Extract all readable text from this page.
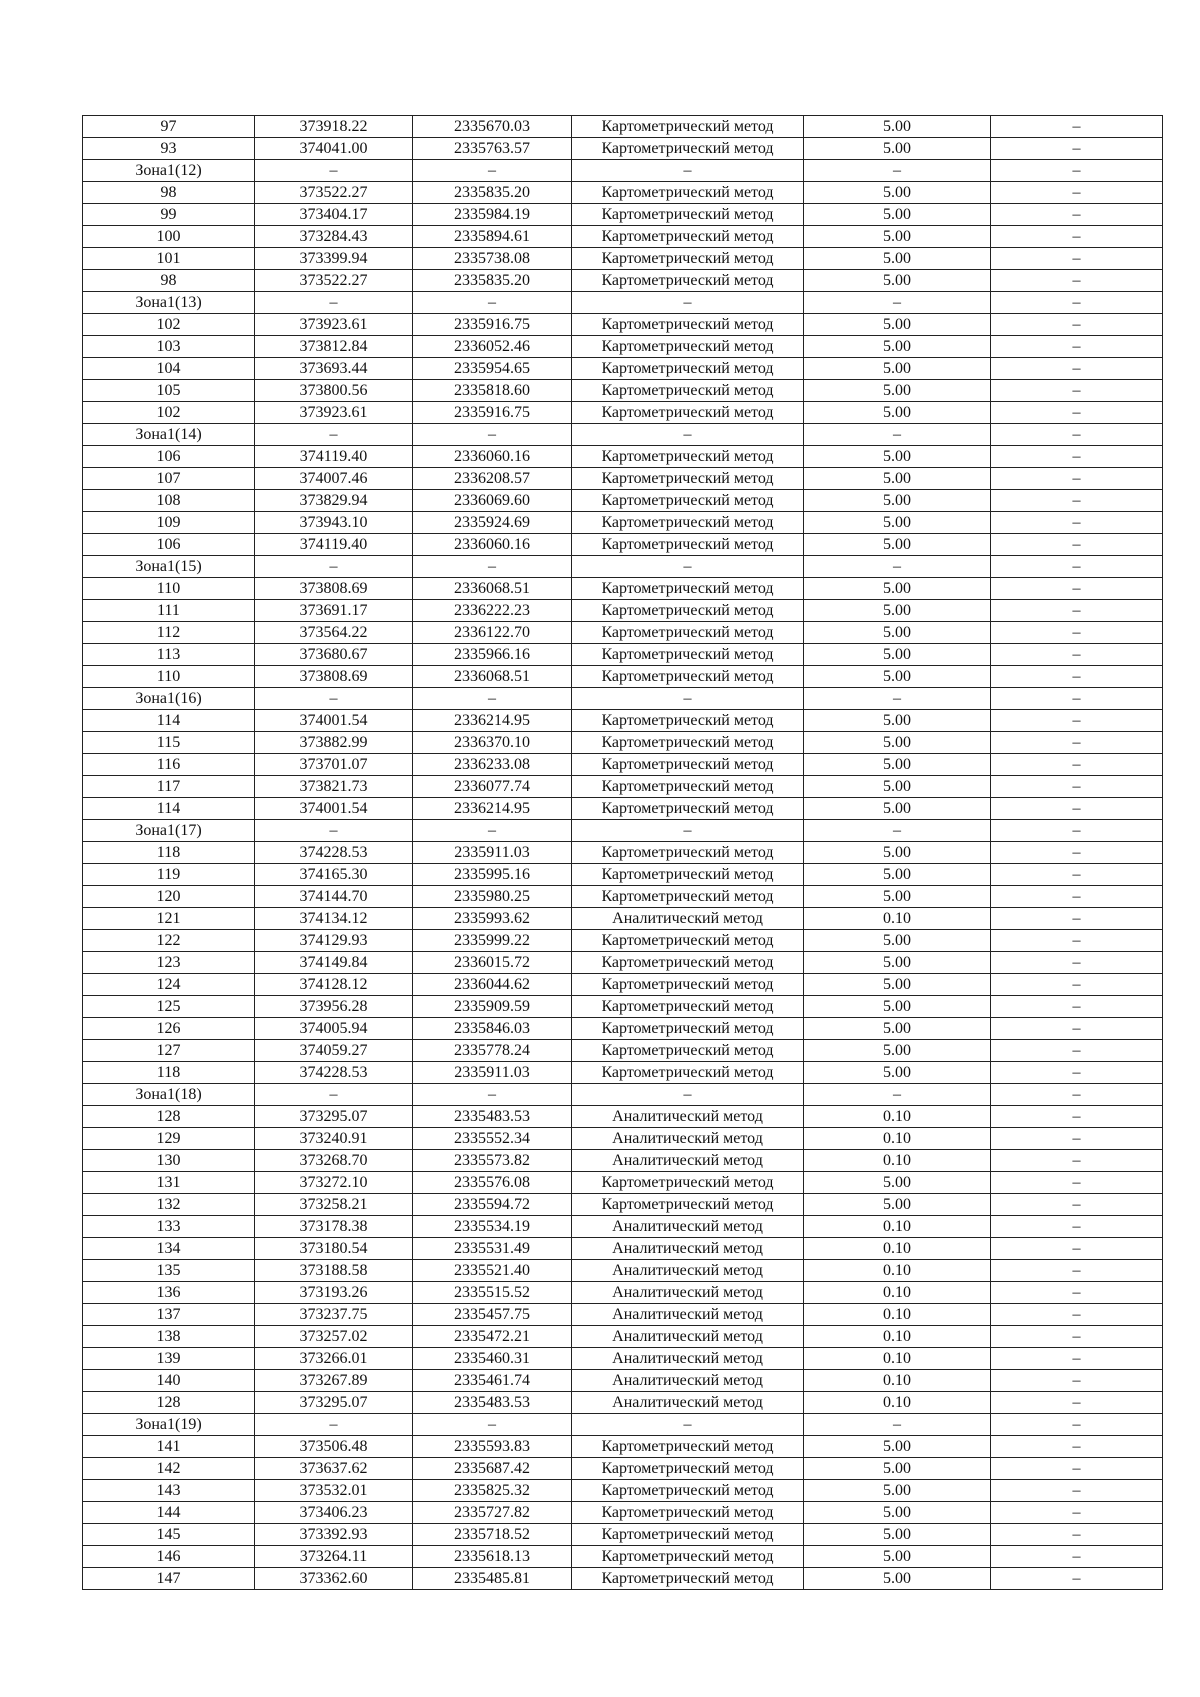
97	373918.22	2335670.03	Картометрический метод	5.00	–
93	374041.00	2335763.57	Картометрический метод	5.00	–
Зона1(12)	–	–	–	–	–
98	373522.27	2335835.20	Картометрический метод	5.00	–
99	373404.17	2335984.19	Картометрический метод	5.00	–
100	373284.43	2335894.61	Картометрический метод	5.00	–
101	373399.94	2335738.08	Картометрический метод	5.00	–
98	373522.27	2335835.20	Картометрический метод	5.00	–
Зона1(13)	–	–	–	–	–
102	373923.61	2335916.75	Картометрический метод	5.00	–
103	373812.84	2336052.46	Картометрический метод	5.00	–
104	373693.44	2335954.65	Картометрический метод	5.00	–
105	373800.56	2335818.60	Картометрический метод	5.00	–
102	373923.61	2335916.75	Картометрический метод	5.00	–
Зона1(14)	–	–	–	–	–
106	374119.40	2336060.16	Картометрический метод	5.00	–
107	374007.46	2336208.57	Картометрический метод	5.00	–
108	373829.94	2336069.60	Картометрический метод	5.00	–
109	373943.10	2335924.69	Картометрический метод	5.00	–
106	374119.40	2336060.16	Картометрический метод	5.00	–
Зона1(15)	–	–	–	–	–
110	373808.69	2336068.51	Картометрический метод	5.00	–
111	373691.17	2336222.23	Картометрический метод	5.00	–
112	373564.22	2336122.70	Картометрический метод	5.00	–
113	373680.67	2335966.16	Картометрический метод	5.00	–
110	373808.69	2336068.51	Картометрический метод	5.00	–
Зона1(16)	–	–	–	–	–
114	374001.54	2336214.95	Картометрический метод	5.00	–
115	373882.99	2336370.10	Картометрический метод	5.00	–
116	373701.07	2336233.08	Картометрический метод	5.00	–
117	373821.73	2336077.74	Картометрический метод	5.00	–
114	374001.54	2336214.95	Картометрический метод	5.00	–
Зона1(17)	–	–	–	–	–
118	374228.53	2335911.03	Картометрический метод	5.00	–
119	374165.30	2335995.16	Картометрический метод	5.00	–
120	374144.70	2335980.25	Картометрический метод	5.00	–
121	374134.12	2335993.62	Аналитический метод	0.10	–
122	374129.93	2335999.22	Картометрический метод	5.00	–
123	374149.84	2336015.72	Картометрический метод	5.00	–
124	374128.12	2336044.62	Картометрический метод	5.00	–
125	373956.28	2335909.59	Картометрический метод	5.00	–
126	374005.94	2335846.03	Картометрический метод	5.00	–
127	374059.27	2335778.24	Картометрический метод	5.00	–
118	374228.53	2335911.03	Картометрический метод	5.00	–
Зона1(18)	–	–	–	–	–
128	373295.07	2335483.53	Аналитический метод	0.10	–
129	373240.91	2335552.34	Аналитический метод	0.10	–
130	373268.70	2335573.82	Аналитический метод	0.10	–
131	373272.10	2335576.08	Картометрический метод	5.00	–
132	373258.21	2335594.72	Картометрический метод	5.00	–
133	373178.38	2335534.19	Аналитический метод	0.10	–
134	373180.54	2335531.49	Аналитический метод	0.10	–
135	373188.58	2335521.40	Аналитический метод	0.10	–
136	373193.26	2335515.52	Аналитический метод	0.10	–
137	373237.75	2335457.75	Аналитический метод	0.10	–
138	373257.02	2335472.21	Аналитический метод	0.10	–
139	373266.01	2335460.31	Аналитический метод	0.10	–
140	373267.89	2335461.74	Аналитический метод	0.10	–
128	373295.07	2335483.53	Аналитический метод	0.10	–
Зона1(19)	–	–	–	–	–
141	373506.48	2335593.83	Картометрический метод	5.00	–
142	373637.62	2335687.42	Картометрический метод	5.00	–
143	373532.01	2335825.32	Картометрический метод	5.00	–
144	373406.23	2335727.82	Картометрический метод	5.00	–
145	373392.93	2335718.52	Картометрический метод	5.00	–
146	373264.11	2335618.13	Картометрический метод	5.00	–
147	373362.60	2335485.81	Картометрический метод	5.00	–
